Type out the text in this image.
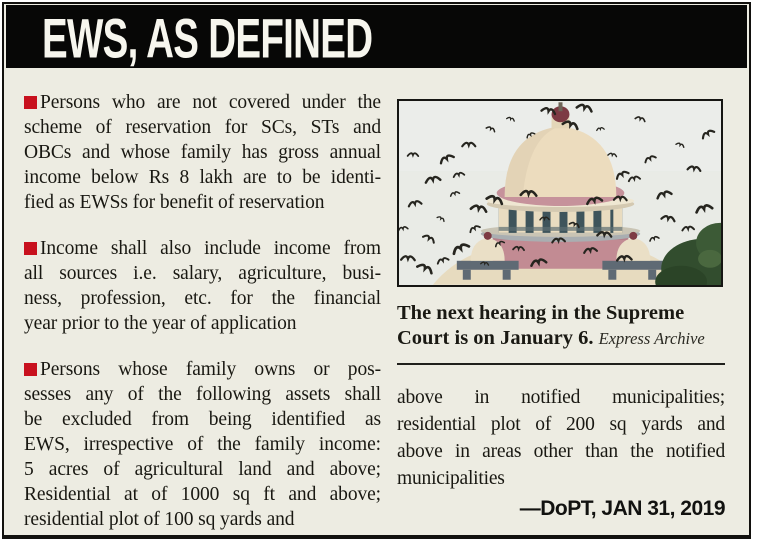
EWS, AS DEFINED
Persons who are not covered under the
scheme of reservation for SCs, STs and
OBCs and whose family has gross annual
income below Rs 8 lakh are to be identi-
fied as EWSs for benefit of reservation
Income shall also include income from
all sources i.e. salary, agriculture, busi-
ness, profession, etc. for the financial
year prior to the year of application
Persons whose family owns or pos-
sesses any of the following assets shall
be excluded from being identified as
EWS, irrespective of the family income:
5 acres of agricultural land and above;
Residential at of 1000 sq ft and above;
residential plot of 100 sq yards and
The next hearing in the Supreme Court is on January 6. Express Archive
above in notified municipalities;
residential plot of 200 sq yards and
above in areas other than the notified
municipalities
—DoPT, JAN 31, 2019
